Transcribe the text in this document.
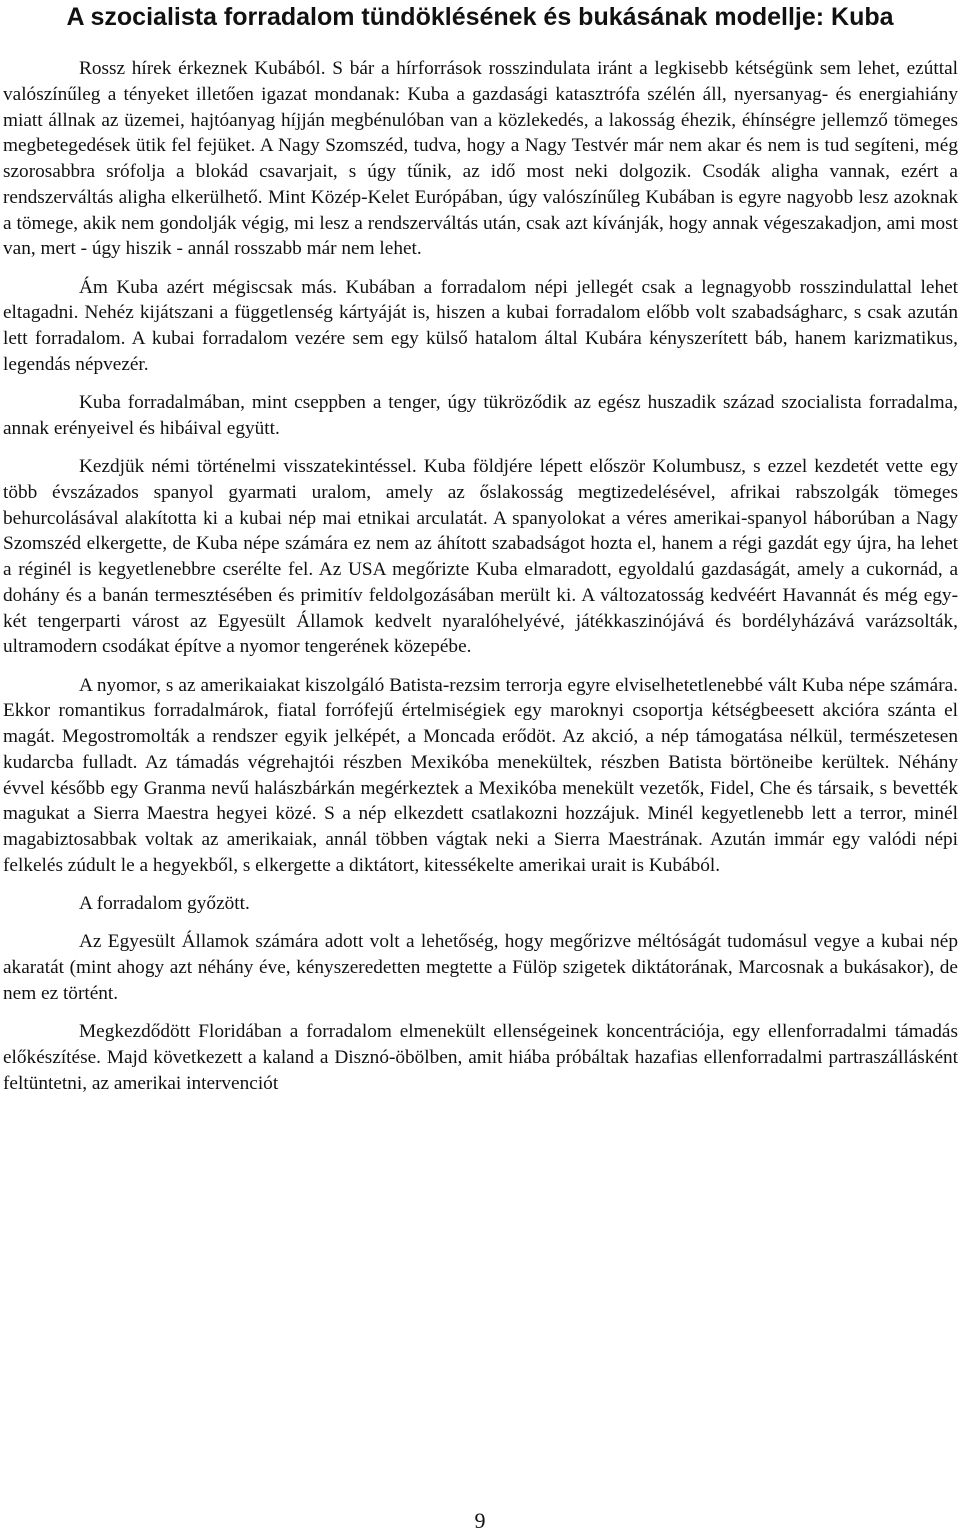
A szocialista forradalom tündöklésének és bukásának modellje: Kuba

Rossz hírek érkeznek Kubából. S bár a hírforrások rosszindulata iránt a legkisebb kétségünk sem lehet, ezúttal valószínűleg a tényeket illetően igazat mondanak: Kuba a gazdasági katasztrófa szélén áll, nyersanyag- és energiahiány miatt állnak az üzemei, hajtóanyag híjján megbénulóban van a közlekedés, a lakosság éhezik, éhínségre jellemző tömeges megbetegedések ütik fel fejüket. A Nagy Szomszéd, tudva, hogy a Nagy Testvér már nem akar és nem is tud segíteni, még szorosabbra srófolja a blokád csavarjait, s úgy tűnik, az idő most neki dolgozik. Csodák aligha vannak, ezért a rendszerváltás aligha elkerülhető. Mint Közép-Kelet Európában, úgy valószínűleg Kubában is egyre nagyobb lesz azoknak a tömege, akik nem gondolják végig, mi lesz a rendszerváltás után, csak azt kívánják, hogy annak végeszakadjon, ami most van, mert - úgy hiszik - annál rosszabb már nem lehet.

Ám Kuba azért mégiscsak más. Kubában a forradalom népi jellegét csak a legnagyobb rosszindulattal lehet eltagadni. Nehéz kijátszani a függetlenség kártyáját is, hiszen a kubai forradalom előbb volt szabadságharc, s csak azután lett forradalom. A kubai forradalom vezére sem egy külső hatalom által Kubára kényszerített báb, hanem karizmatikus, legendás népvezér.

Kuba forradalmában, mint cseppben a tenger, úgy tükröződik az egész huszadik század szocialista forradalma, annak erényeivel és hibáival együtt.

Kezdjük némi történelmi visszatekintéssel. Kuba földjére lépett először Kolumbusz, s ezzel kezdetét vette egy több évszázados spanyol gyarmati uralom, amely az őslakosság megtizedelésével, afrikai rabszolgák tömeges behurcolásával alakította ki a kubai nép mai etnikai arculatát. A spanyolokat a véres amerikai-spanyol háborúban a Nagy Szomszéd elkergette, de Kuba népe számára ez nem az áhított szabadságot hozta el, hanem a régi gazdát egy újra, ha lehet a réginél is kegyetlenebbre cserélte fel. Az USA megőrizte Kuba elmaradott, egyoldalú gazdaságát, amely a cukornád, a dohány és a banán termesztésében és primitív feldolgozásában merült ki. A változatosság kedvéért Havannát és még egy-két tengerparti várost az Egyesült Államok kedvelt nyaralóhelyévé, játékkaszinójává és bordélyházává varázsolták, ultramodern csodákat építve a nyomor tengerének közepébe.

A nyomor, s az amerikaiakat kiszolgáló Batista-rezsim terrorja egyre elviselhetetlenebbé vált Kuba népe számára. Ekkor romantikus forradalmárok, fiatal forrófejű értelmiségiek egy maroknyi csoportja kétségbeesett akcióra szánta el magát. Megostromolták a rendszer egyik jelképét, a Moncada erődöt. Az akció, a nép támogatása nélkül, természetesen kudarcba fulladt. Az támadás végrehajtói részben Mexikóba menekültek, részben Batista börtöneibe kerültek. Néhány évvel később egy Granma nevű halászbárkán megérkeztek a Mexikóba menekült vezetők, Fidel, Che és társaik, s bevették magukat a Sierra Maestra hegyei közé. S a nép elkezdett csatlakozni hozzájuk. Minél kegyetlenebb lett a terror, minél magabiztosabbak voltak az amerikaiak, annál többen vágtak neki a Sierra Maestrának. Azután immár egy valódi népi felkelés zúdult le a hegyekből, s elkergette a diktátort, kitessékelte amerikai urait is Kubából.

A forradalom győzött.

Az Egyesült Államok számára adott volt a lehetőség, hogy megőrizve méltóságát tudomásul vegye a kubai nép akaratát (mint ahogy azt néhány éve, kényszeredetten megtette a Fülöp szigetek diktátorának, Marcosnak a bukásakor), de nem ez történt.

Megkezdődött Floridában a forradalom elmenekült ellenségeinek koncentrációja, egy ellenforradalmi támadás előkészítése. Majd következett a kaland a Disznó-öbölben, amit hiába próbáltak hazafias ellenforradalmi partraszállásként feltüntetni, az amerikai intervenciót

9
